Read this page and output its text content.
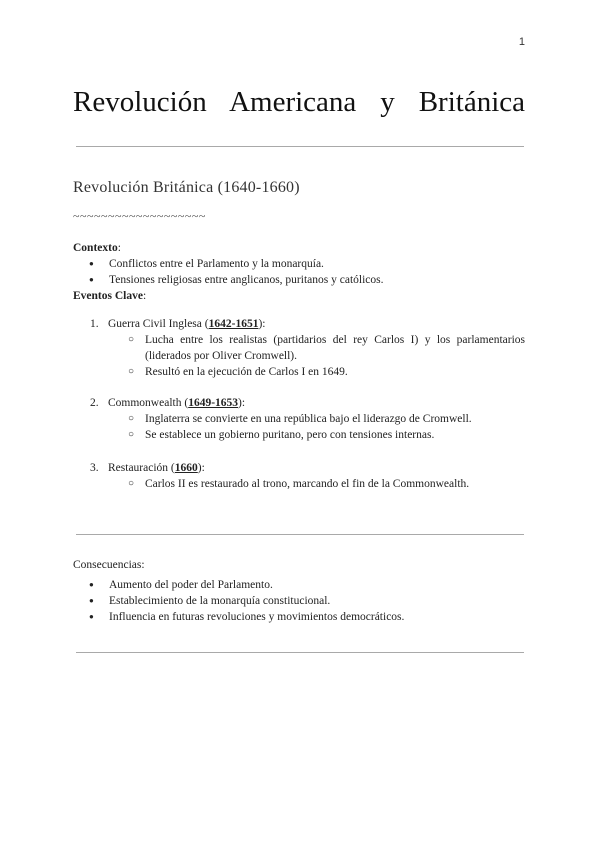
1
Revolución Americana y Británica
Revolución Británica (1640-1660)
~~~~~~~~~~~~~~~~~~~
Contexto:
● Conflictos entre el Parlamento y la monarquía.
● Tensiones religiosas entre anglicanos, puritanos y católicos.
Eventos Clave:
1. Guerra Civil Inglesa (1642-1651):
○ Lucha entre los realistas (partidarios del rey Carlos I) y los parlamentarios (liderados por Oliver Cromwell).
○ Resultó en la ejecución de Carlos I en 1649.
2. Commonwealth (1649-1653):
○ Inglaterra se convierte en una república bajo el liderazgo de Cromwell.
○ Se establece un gobierno puritano, pero con tensiones internas.
3. Restauración (1660):
○ Carlos II es restaurado al trono, marcando el fin de la Commonwealth.
Consecuencias:
● Aumento del poder del Parlamento.
● Establecimiento de la monarquía constitucional.
● Influencia en futuras revoluciones y movimientos democráticos.
